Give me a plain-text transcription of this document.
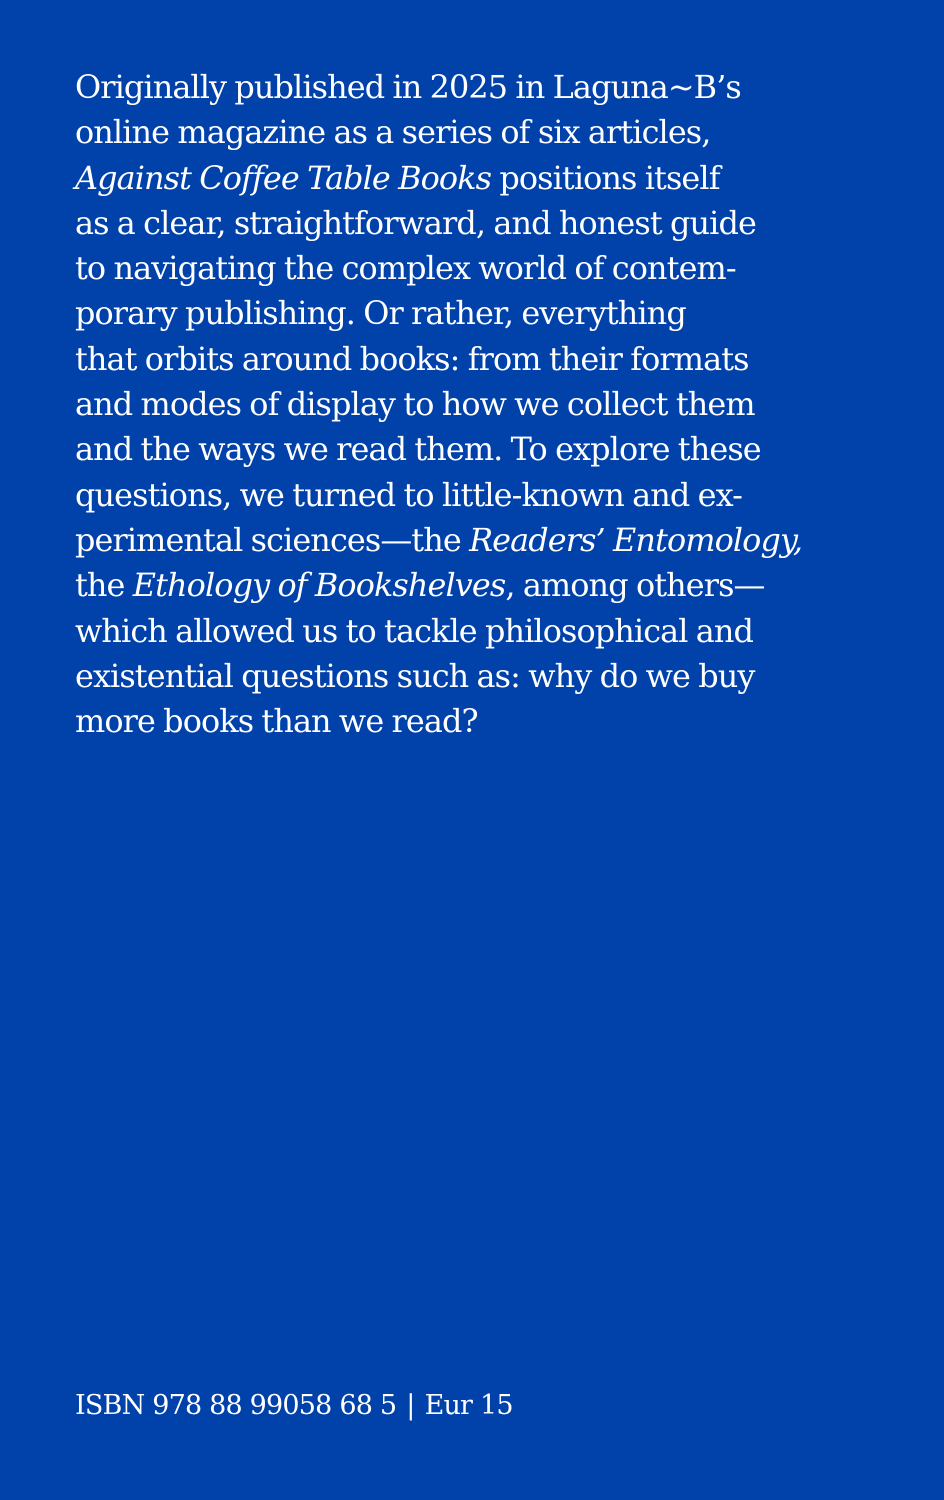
Originally published in 2025 in Laguna~B’s
online magazine as a series of six articles,
Against Coffee Table Books positions itself
as a clear, straightforward, and honest guide
to navigating the complex world of contem-
porary publishing. Or rather, everything
that orbits around books: from their formats
and modes of display to how we collect them
and the ways we read them. To explore these
questions, we turned to little-known and ex-
perimental sciences—the Readers’ Entomology,
the Ethology of Bookshelves, among others—
which allowed us to tackle philosophical and
existential questions such as: why do we buy
more books than we read?

ISBN 978 88 99058 68 5 | Eur 15
